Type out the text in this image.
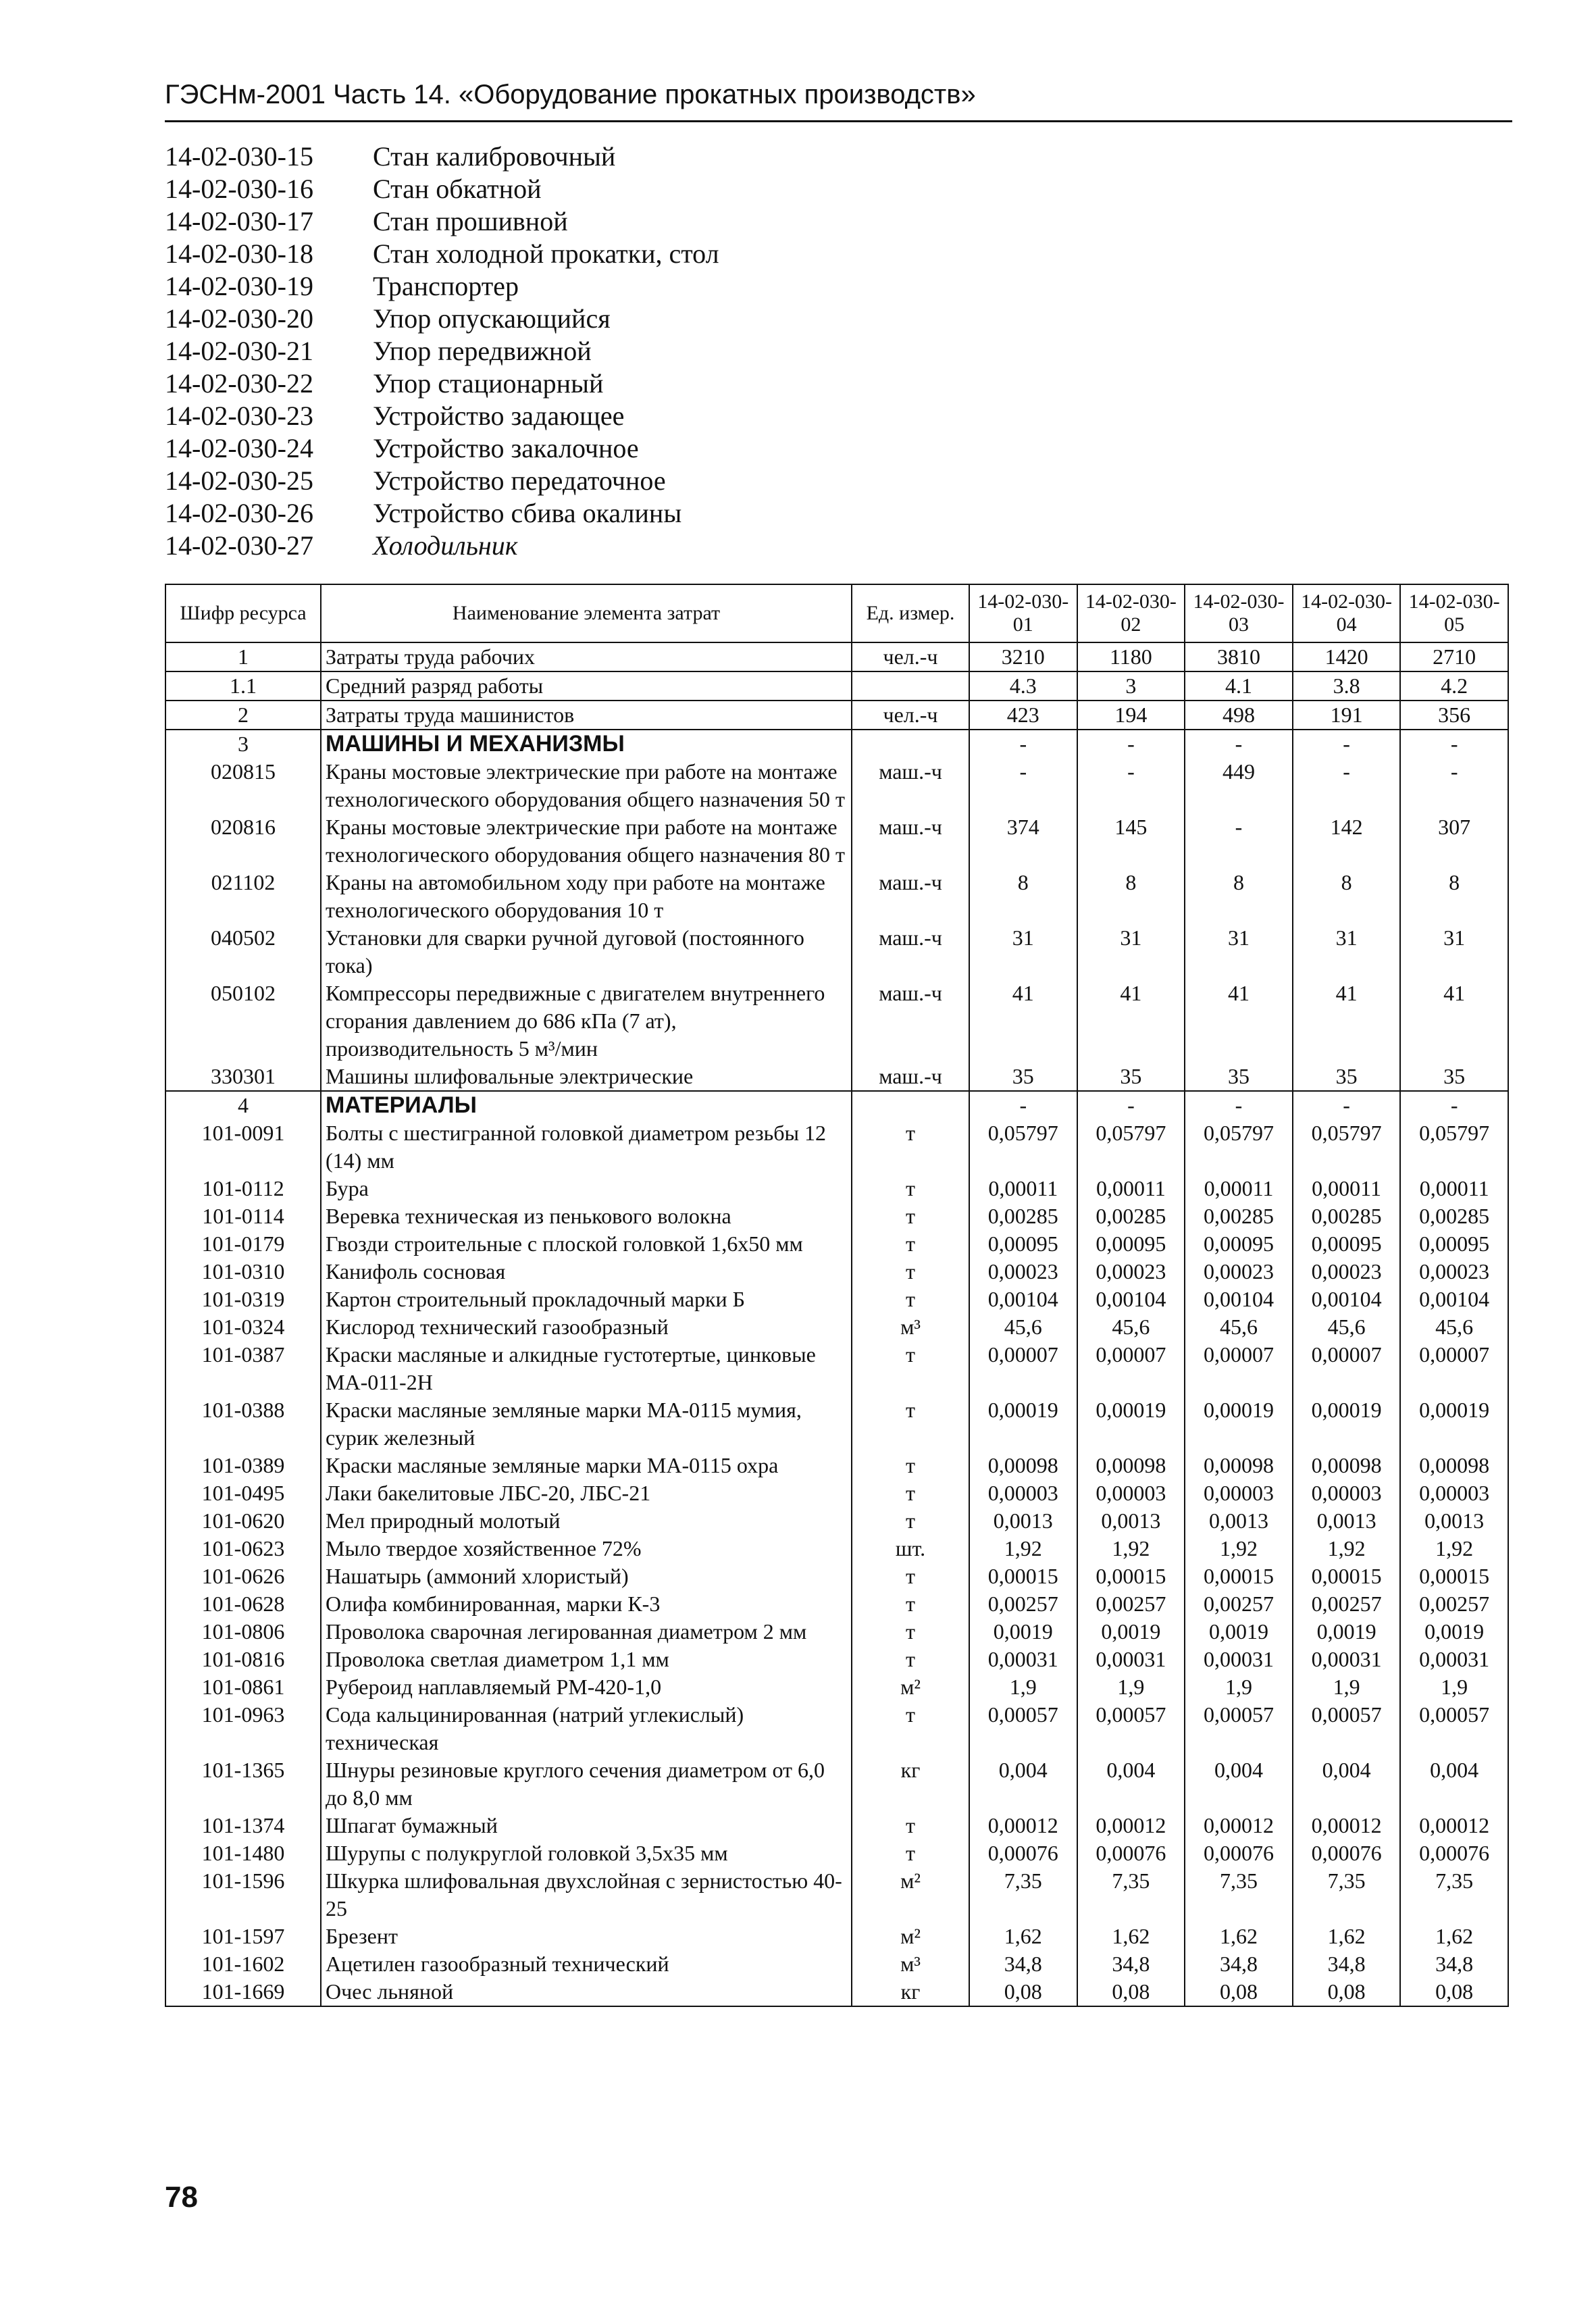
ГЭСНм-2001 Часть 14. «Оборудование прокатных производств»
14-02-030-15	Стан калибровочный
14-02-030-16	Стан обкатной
14-02-030-17	Стан прошивной
14-02-030-18	Стан холодной прокатки, стол
14-02-030-19	Транспортер
14-02-030-20	Упор опускающийся
14-02-030-21	Упор передвижной
14-02-030-22	Упор стационарный
14-02-030-23	Устройство задающее
14-02-030-24	Устройство закалочное
14-02-030-25	Устройство передаточное
14-02-030-26	Устройство сбива окалины
14-02-030-27	Холодильник
Шифр ресурса	Наименование элемента затрат	Ед. измер.	14-02-030-01	14-02-030-02	14-02-030-03	14-02-030-04	14-02-030-05
1	Затраты труда рабочих	чел.-ч	3210	1180	3810	1420	2710
1.1	Средний разряд работы		4.3	3	4.1	3.8	4.2
2	Затраты труда машинистов	чел.-ч	423	194	498	191	356
3	МАШИНЫ И МЕХАНИЗМЫ		-	-	-	-	-
020815	Краны мостовые электрические при работе на монтаже технологического оборудования общего назначения 50 т	маш.-ч	-	-	449	-	-
020816	Краны мостовые электрические при работе на монтаже технологического оборудования общего назначения 80 т	маш.-ч	374	145	-	142	307
021102	Краны на автомобильном ходу при работе на монтаже технологического оборудования 10 т	маш.-ч	8	8	8	8	8
040502	Установки для сварки ручной дуговой (постоянного тока)	маш.-ч	31	31	31	31	31
050102	Компрессоры передвижные с двигателем внутреннего сгорания давлением до 686 кПа (7 ат), производительность 5 м³/мин	маш.-ч	41	41	41	41	41
330301	Машины шлифовальные электрические	маш.-ч	35	35	35	35	35
4	МАТЕРИАЛЫ		-	-	-	-	-
101-0091	Болты с шестигранной головкой диаметром резьбы 12 (14) мм	т	0,05797	0,05797	0,05797	0,05797	0,05797
101-0112	Бура	т	0,00011	0,00011	0,00011	0,00011	0,00011
101-0114	Веревка техническая из пенькового волокна	т	0,00285	0,00285	0,00285	0,00285	0,00285
101-0179	Гвозди строительные с плоской головкой 1,6х50 мм	т	0,00095	0,00095	0,00095	0,00095	0,00095
101-0310	Канифоль сосновая	т	0,00023	0,00023	0,00023	0,00023	0,00023
101-0319	Картон строительный прокладочный марки Б	т	0,00104	0,00104	0,00104	0,00104	0,00104
101-0324	Кислород технический газообразный	м³	45,6	45,6	45,6	45,6	45,6
101-0387	Краски масляные и алкидные густотертые, цинковые МА-011-2Н	т	0,00007	0,00007	0,00007	0,00007	0,00007
101-0388	Краски масляные земляные марки МА-0115 мумия, сурик железный	т	0,00019	0,00019	0,00019	0,00019	0,00019
101-0389	Краски масляные земляные марки МА-0115 охра	т	0,00098	0,00098	0,00098	0,00098	0,00098
101-0495	Лаки бакелитовые ЛБС-20, ЛБС-21	т	0,00003	0,00003	0,00003	0,00003	0,00003
101-0620	Мел природный молотый	т	0,0013	0,0013	0,0013	0,0013	0,0013
101-0623	Мыло твердое хозяйственное 72%	шт.	1,92	1,92	1,92	1,92	1,92
101-0626	Нашатырь (аммоний хлористый)	т	0,00015	0,00015	0,00015	0,00015	0,00015
101-0628	Олифа комбинированная, марки К-3	т	0,00257	0,00257	0,00257	0,00257	0,00257
101-0806	Проволока сварочная легированная диаметром 2 мм	т	0,0019	0,0019	0,0019	0,0019	0,0019
101-0816	Проволока светлая диаметром 1,1 мм	т	0,00031	0,00031	0,00031	0,00031	0,00031
101-0861	Рубероид наплавляемый РМ-420-1,0	м²	1,9	1,9	1,9	1,9	1,9
101-0963	Сода кальцинированная (натрий углекислый) техническая	т	0,00057	0,00057	0,00057	0,00057	0,00057
101-1365	Шнуры резиновые круглого сечения диаметром от 6,0 до 8,0 мм	кг	0,004	0,004	0,004	0,004	0,004
101-1374	Шпагат бумажный	т	0,00012	0,00012	0,00012	0,00012	0,00012
101-1480	Шурупы с полукруглой головкой 3,5х35 мм	т	0,00076	0,00076	0,00076	0,00076	0,00076
101-1596	Шкурка шлифовальная двухслойная с зернистостью 40-25	м²	7,35	7,35	7,35	7,35	7,35
101-1597	Брезент	м²	1,62	1,62	1,62	1,62	1,62
101-1602	Ацетилен газообразный технический	м³	34,8	34,8	34,8	34,8	34,8
101-1669	Очес льняной	кг	0,08	0,08	0,08	0,08	0,08
78
